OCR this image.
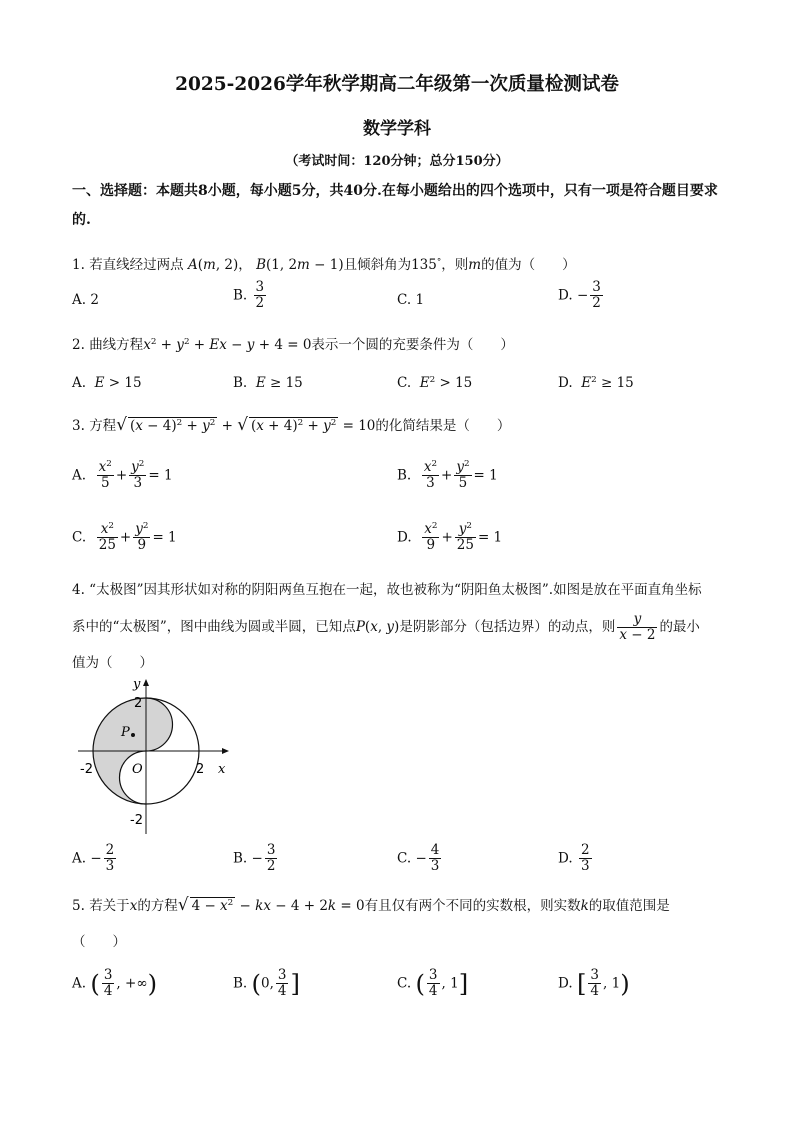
2025-2026学年秋学期高二年级第一次质量检测试卷
数学学科
（考试时间：120分钟；总分150分）
一、选择题：本题共8小题，每小题5分，共40分.在每小题给出的四个选项中，只有一项是符合题目要求的.
1. 若直线经过两点 A(m, 2)， B(1, 2m − 1)且倾斜角为135°，则m的值为（　　）
A. 2	B. $\frac{3}{2}$	C. 1	D. − $\frac{3}{2}$
2. 曲线方程$x^2 + y^2 + Ex - y + 4 = 0$表示一个圆的充要条件为（　　）
A. E > 15	B. E ≥ 15	C. $E^2 > 15$	D. $E^2 \ge 15$
3. 方程√ $(x - 4)^2 + y^2$ + √ $(x + 4)^2 + y^2 = 10$的化简结果是（　　）
A. $\frac{x^2}{5} + \frac{y^2}{3} = 1$	B. $\frac{x^2}{3} + \frac{y^2}{5} = 1$
C. $\frac{x^2}{25} + \frac{y^2}{9} = 1$	D. $\frac{x^2}{9} + \frac{y^2}{25} = 1$
4. “太极图”因其形状如对称的阴阳两鱼互抱在一起，故也被称为“阴阳鱼太极图”.如图是放在平面直角坐标
系中的“太极图”，图中曲线为圆或半圆，已知点P(x, y)是阴影部分（包括边界）的动点，则 $\frac{y}{x - 2}$ 的最小
值为（　　）
P
y
x
O
2
-2
2
-2
A. − $\frac{2}{3}$	B. − $\frac{3}{2}$	C. − $\frac{4}{3}$	D. $\frac{2}{3}$
5. 若关于x的方程√ $4 - x^2$ − kx − 4 + 2k = 0有且仅有两个不同的实数根，则实数k的取值范围是
（　　）
A. ( $\frac{3}{4}$ , +∞)	B. (0, $\frac{3}{4}$ ]	C. ( $\frac{3}{4}$ , 1]	D. [ $\frac{3}{4}$ , 1)
